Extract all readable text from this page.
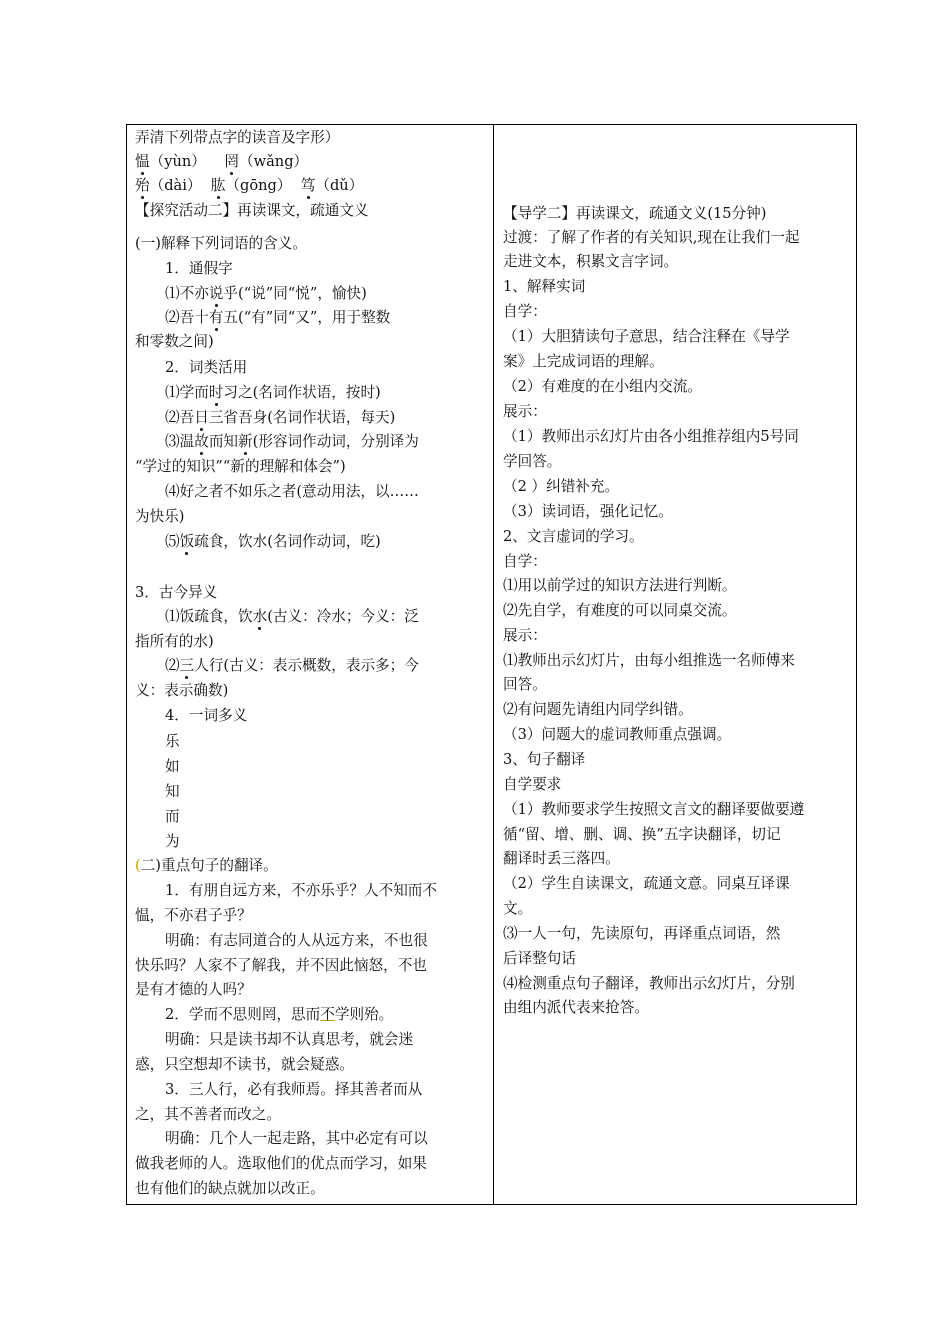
弄清下列带点字的读音及字形）
愠（yùn） 罔（wǎng）
殆（dài） 肱（gōng） 笃（dǔ）
【探究活动二】再读课文，疏通文义
(一)解释下列词语的含义。
1．通假字
⑴不亦说乎(“说”同“悦”，愉快)
⑵吾十有五(“有”同“又”，用于整数
和零数之间)
2．词类活用
⑴学而时习之(名词作状语，按时)
⑵吾日三省吾身(名词作状语，每天)
⑶温故而知新(形容词作动词，分别译为
“学过的知识”“新的理解和体会”)
⑷好之者不如乐之者(意动用法，以……
为快乐)
⑸饭疏食，饮水(名词作动词，吃)
3．古今异义
⑴饭疏食，饮水(古义：冷水；今义：泛
指所有的水)
⑵三人行(古义：表示概数，表示多；今
义：表示确数)
4．一词多义
乐
如
知
而
为
(二)重点句子的翻译。
1．有朋自远方来，不亦乐乎？人不知而不
愠，不亦君子乎？
明确：有志同道合的人从远方来，不也很
快乐吗？人家不了解我，并不因此恼怒，不也
是有才德的人吗？
2．学而不思则罔，思而不学则殆。
明确：只是读书却不认真思考，就会迷
惑，只空想却不读书，就会疑惑。
3．三人行，必有我师焉。择其善者而从
之，其不善者而改之。
明确：几个人一起走路，其中必定有可以
做我老师的人。选取他们的优点而学习，如果
也有他们的缺点就加以改正。
【导学二】再读课文，疏通文义(15分钟)
过渡：了解了作者的有关知识,现在让我们一起
走进文本，积累文言字词。
1、解释实词
自学：
（1）大胆猜读句子意思，结合注释在《导学
案》上完成词语的理解。
（2）有难度的在小组内交流。
展示：
（1）教师出示幻灯片由各小组推荐组内5号同
学回答。
（2 ）纠错补充。
（3）读词语，强化记忆。
2、文言虚词的学习。
自学：
⑴用以前学过的知识方法进行判断。
⑵先自学，有难度的可以同桌交流。
展示：
⑴教师出示幻灯片，由每小组推选一名师傅来
回答。
⑵有问题先请组内同学纠错。
（3）问题大的虚词教师重点强调。
3、句子翻译
自学要求
（1）教师要求学生按照文言文的翻译要做要遵
循“留、增、删、调、换”五字诀翻译，切记
翻译时丢三落四。
（2）学生自读课文，疏通文意。同桌互译课
文。
⑶一人一句，先读原句，再译重点词语，然
后译整句话
⑷检测重点句子翻译，教师出示幻灯片，分别
由组内派代表来抢答。
